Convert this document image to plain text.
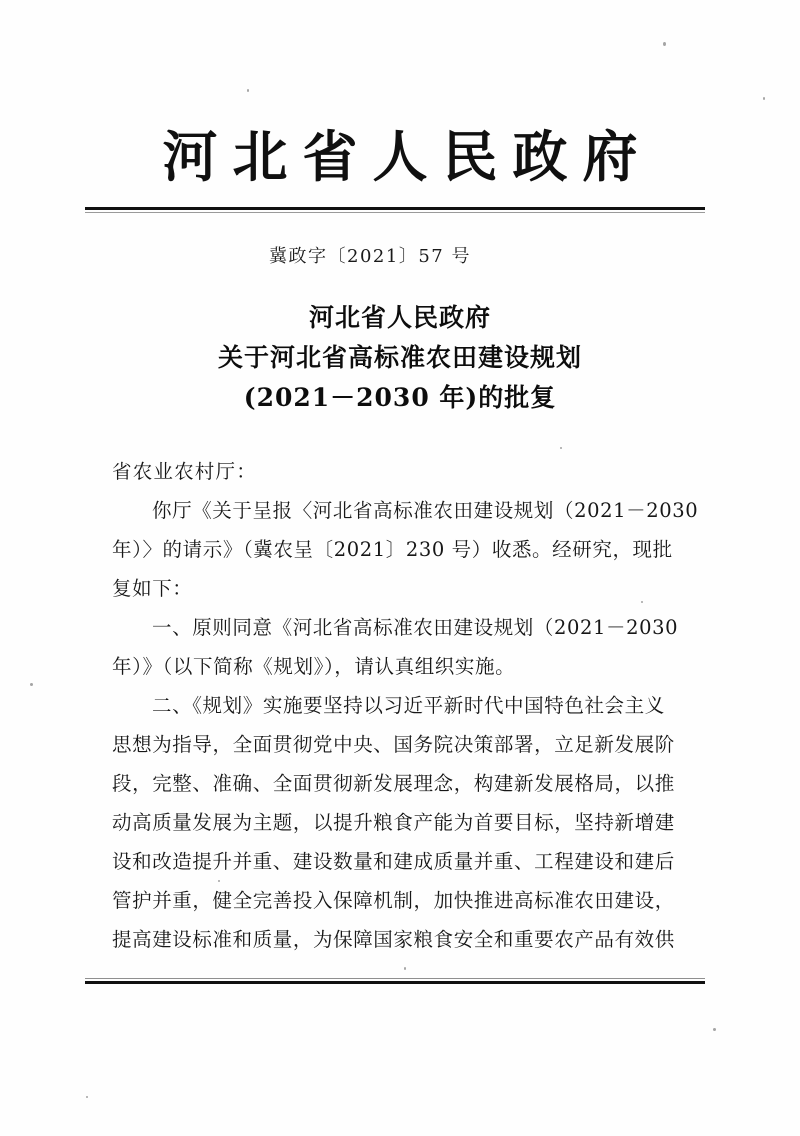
河北省人民政府
冀政字〔2021〕57 号
河北省人民政府
关于河北省高标准农田建设规划
(2021－2030 年)的批复
省农业农村厅：
你厅《关于呈报〈河北省高标准农田建设规划（2021－2030
年）〉的请示》（冀农呈〔2021〕230 号）收悉。经研究，现批
复如下：
一、原则同意《河北省高标准农田建设规划（2021－2030
年）》（以下简称《规划》），请认真组织实施。
二、《规划》实施要坚持以习近平新时代中国特色社会主义
思想为指导，全面贯彻党中央、国务院决策部署，立足新发展阶
段，完整、准确、全面贯彻新发展理念，构建新发展格局，以推
动高质量发展为主题，以提升粮食产能为首要目标，坚持新增建
设和改造提升并重、建设数量和建成质量并重、工程建设和建后
管护并重，健全完善投入保障机制，加快推进高标准农田建设，
提高建设标准和质量，为保障国家粮食安全和重要农产品有效供
